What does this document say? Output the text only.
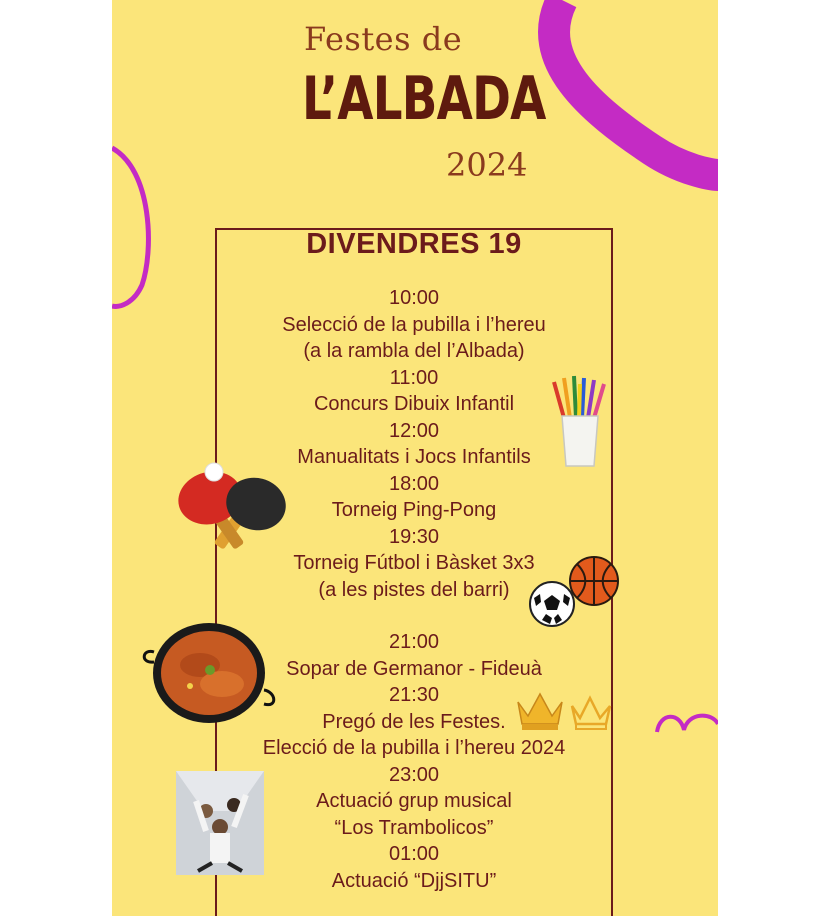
Festes de
L’ALBADA
2024
DIVENDRES 19
10:00
Selecció de la pubilla i l’hereu
(a la rambla del l’Albada)
11:00
Concurs Dibuix Infantil
12:00
Manualitats i Jocs Infantils
18:00
Torneig Ping-Pong
19:30
Torneig Fútbol i Bàsket 3x3
(a les pistes del barri)
21:00
Sopar de Germanor - Fideuà
21:30
Pregó de les Festes.
Elecció de la pubilla i l’hereu 2024
23:00
Actuació grup musical
“Los Trambolicos”
01:00
Actuació “DjjSITU”
